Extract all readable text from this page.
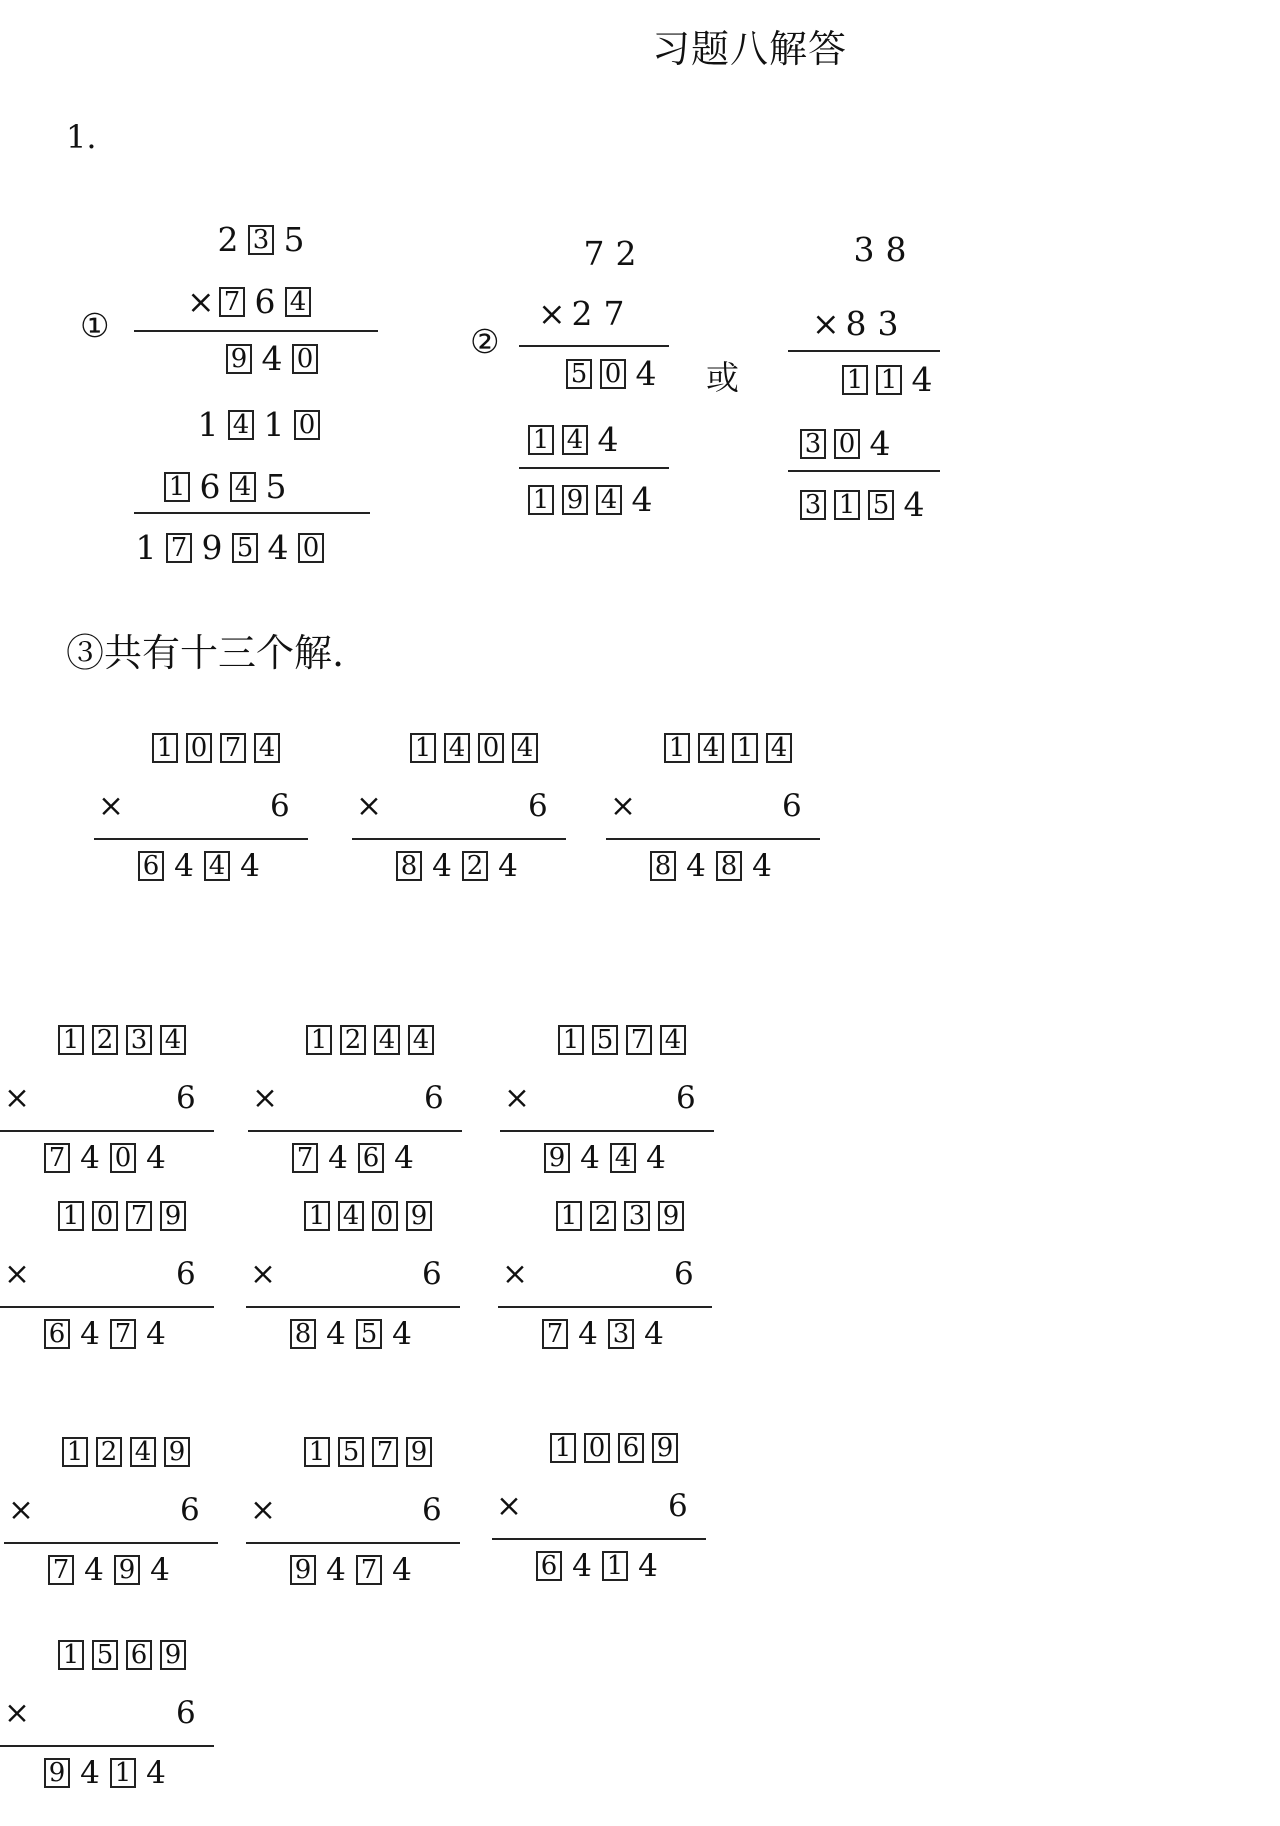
习题八解答
1.
①
2 3 5
× 7 6 4
9 4 0
1 4 1 0
1 6 4 5
1 7 9 5 4 0
②
7 2
× 2 7
5 0 4
1 4 4
1 9 4 4
或
3 8
× 8 3
1 1 4
3 0 4
3 1 5 4
③共有十三个解.
1 0 7 4
×	6
6 4 4 4
1 4 0 4
×	6
8 4 2 4
1 4 1 4
×	6
8 4 8 4
1 2 3 4
×	6
7 4 0 4
1 2 4 4
×	6
7 4 6 4
1 5 7 4
×	6
9 4 4 4
1 0 7 9
×	6
6 4 7 4
1 4 0 9
×	6
8 4 5 4
1 2 3 9
×	6
7 4 3 4
1 2 4 9
×	6
7 4 9 4
1 5 7 9
×	6
9 4 7 4
1 0 6 9
×	6
6 4 1 4
1 5 6 9
×	6
9 4 1 4
